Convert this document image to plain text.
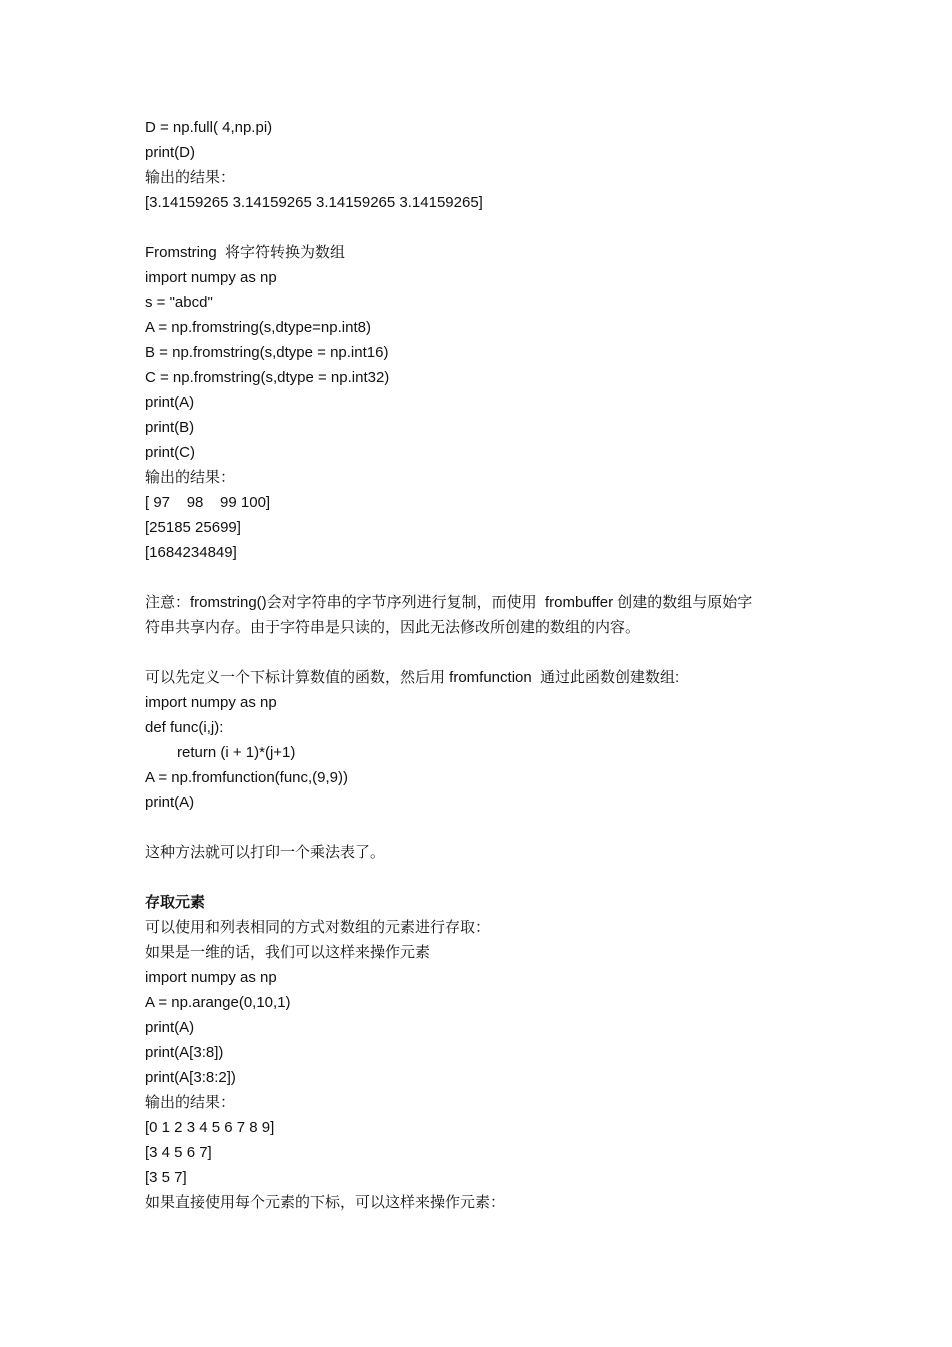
D = np.full( 4,np.pi)
print(D)
输出的结果：
[3.14159265 3.14159265 3.14159265 3.14159265]
Fromstring  将字符转换为数组
import numpy as np
s = "abcd"
A = np.fromstring(s,dtype=np.int8)
B = np.fromstring(s,dtype = np.int16)
C = np.fromstring(s,dtype = np.int32)
print(A)
print(B)
print(C)
输出的结果：
[ 97    98    99 100]
[25185 25699]
[1684234849]
注意：fromstring()会对字符串的字节序列进行复制，而使用  frombuffer 创建的数组与原始字
符串共享内存。由于字符串是只读的，因此无法修改所创建的数组的内容。
可以先定义一个下标计算数值的函数，然后用 fromfunction  通过此函数创建数组:
import numpy as np
def func(i,j):
return (i + 1)*(j+1)
A = np.fromfunction(func,(9,9))
print(A)
这种方法就可以打印一个乘法表了。
存取元素
可以使用和列表相同的方式对数组的元素进行存取：
如果是一维的话，我们可以这样来操作元素
import numpy as np
A = np.arange(0,10,1)
print(A)
print(A[3:8])
print(A[3:8:2])
输出的结果：
[0 1 2 3 4 5 6 7 8 9]
[3 4 5 6 7]
[3 5 7]
如果直接使用每个元素的下标，可以这样来操作元素：
